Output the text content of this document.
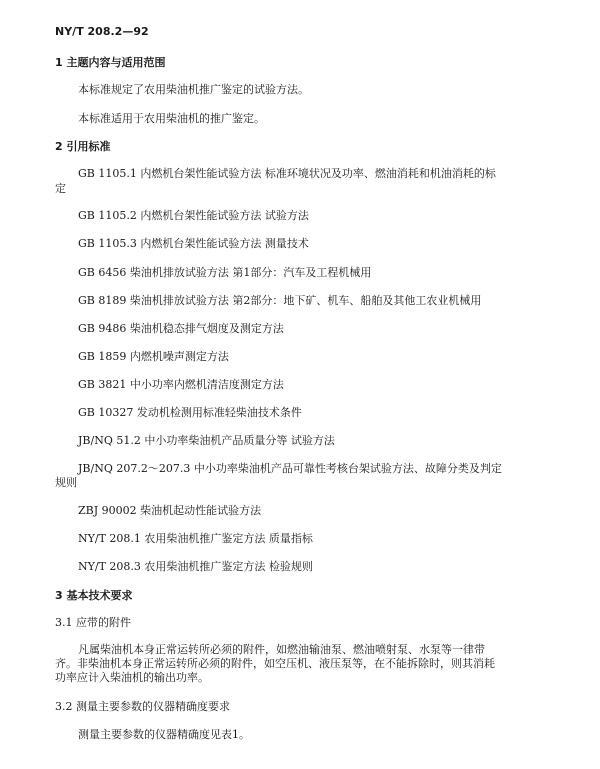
NY/T 208.2—92
1 主题内容与适用范围
本标准规定了农用柴油机推广鉴定的试验方法。
本标准适用于农用柴油机的推广鉴定。
2 引用标准
GB 1105.1 内燃机台架性能试验方法 标准环境状况及功率、燃油消耗和机油消耗的标
定
GB 1105.2 内燃机台架性能试验方法 试验方法
GB 1105.3 内燃机台架性能试验方法 测量技术
GB 6456 柴油机排放试验方法 第1部分：汽车及工程机械用
GB 8189 柴油机排放试验方法 第2部分：地下矿、机车、船舶及其他工农业机械用
GB 9486 柴油机稳态排气烟度及测定方法
GB 1859 内燃机噪声测定方法
GB 3821 中小功率内燃机清洁度测定方法
GB 10327 发动机检测用标准轻柴油技术条件
JB/NQ 51.2 中小功率柴油机产品质量分等 试验方法
JB/NQ 207.2～207.3 中小功率柴油机产品可靠性考核台架试验方法、故障分类及判定
规则
ZBJ 90002 柴油机起动性能试验方法
NY/T 208.1 农用柴油机推广鉴定方法 质量指标
NY/T 208.3 农用柴油机推广鉴定方法 检验规则
3 基本技术要求
3.1 应带的附件
凡属柴油机本身正常运转所必须的附件，如燃油输油泵、燃油喷射泵、水泵等一律带
齐。非柴油机本身正常运转所必须的附件，如空压机、液压泵等，在不能拆除时，则其消耗
功率应计入柴油机的输出功率。
3.2 测量主要参数的仪器精确度要求
测量主要参数的仪器精确度见表1。
